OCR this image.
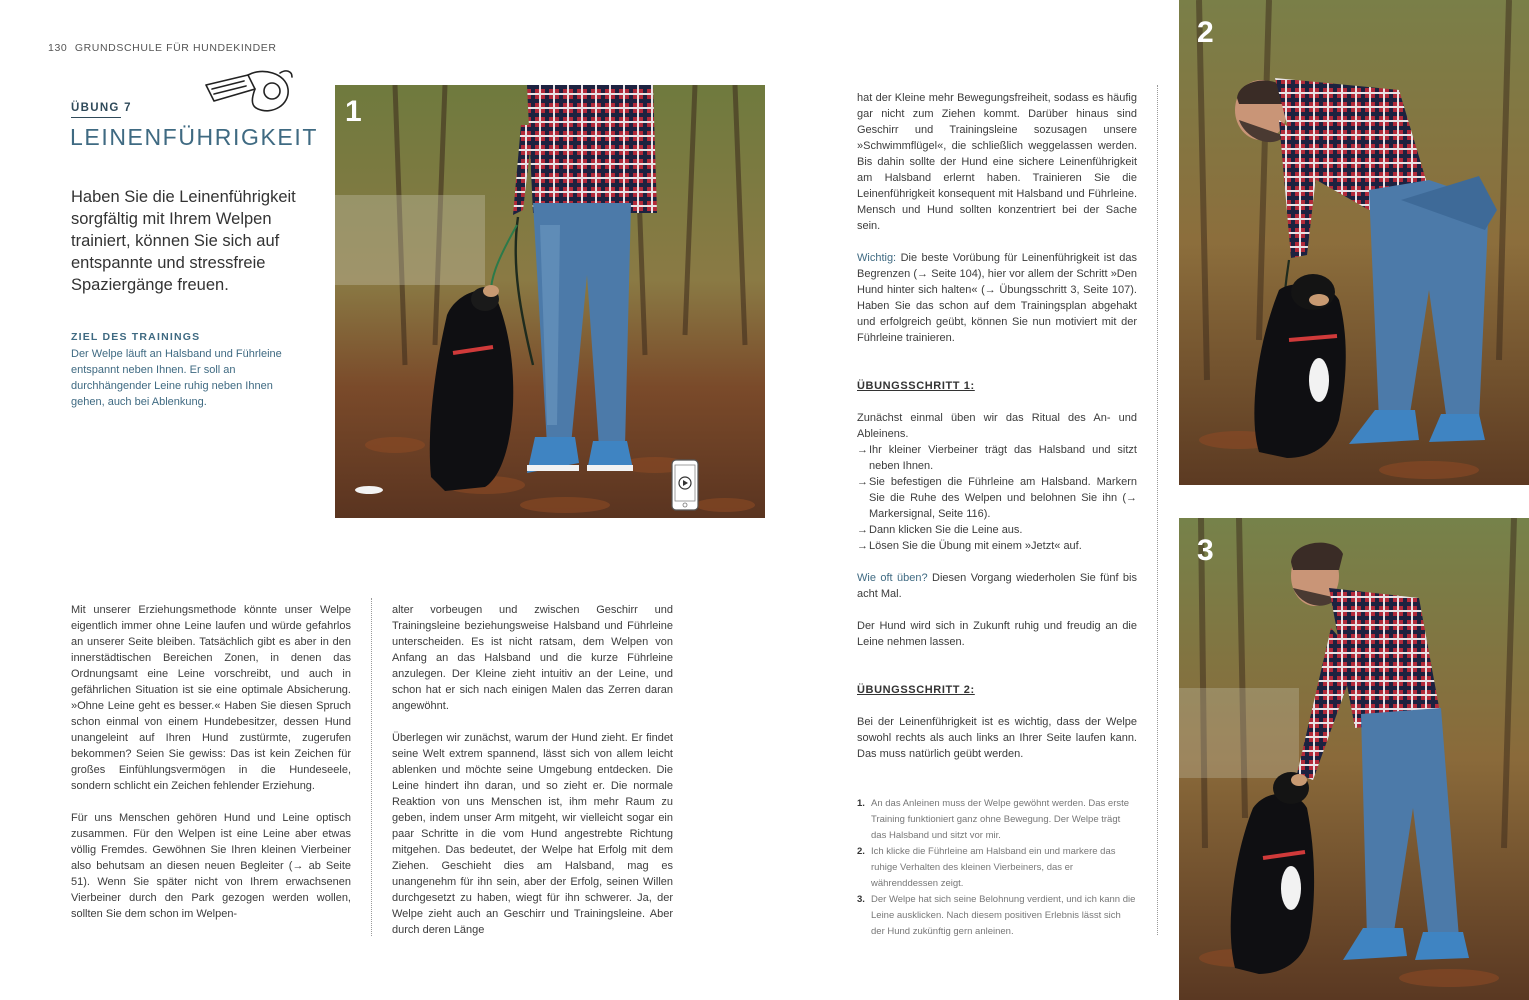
130 GRUNDSCHULE FÜR HUNDEKINDER
ÜBUNG 7
LEINENFÜHRIGKEIT
Haben Sie die Leinenführigkeit sorgfältig mit Ihrem Welpen trainiert, können Sie sich auf entspannte und stressfreie Spaziergänge freuen.
ZIEL DES TRAININGS
Der Welpe läuft an Halsband und Führleine entspannt neben Ihnen. Er soll an durchhängender Leine ruhig neben Ihnen gehen, auch bei Ablenkung.
1
2
3

Mit unserer Erziehungsmethode könnte unser Welpe eigentlich immer ohne Leine laufen und würde gefahrlos an unserer Seite bleiben. Tatsächlich gibt es aber in den innerstädtischen Bereichen Zonen, in denen das Ordnungsamt eine Leine vorschreibt, und auch in gefährlichen Situation ist sie eine optimale Absicherung. »Ohne Leine geht es besser.« Haben Sie diesen Spruch schon einmal von einem Hundebesitzer, dessen Hund unangeleint auf Ihren Hund zustürmte, zugerufen bekommen? Seien Sie gewiss: Das ist kein Zeichen für großes Einfühlungsvermögen in die Hundeseele, sondern schlicht ein Zeichen fehlender Erziehung.

Für uns Menschen gehören Hund und Leine optisch zusammen. Für den Welpen ist eine Leine aber etwas völlig Fremdes. Gewöhnen Sie Ihren kleinen Vierbeiner also behutsam an diesen neuen Begleiter (→ ab Seite 51). Wenn Sie später nicht von Ihrem erwachsenen Vierbeiner durch den Park gezogen werden wollen, sollten Sie dem schon im Welpen-

alter vorbeugen und zwischen Geschirr und Trainingsleine beziehungsweise Halsband und Führleine unterscheiden. Es ist nicht ratsam, dem Welpen von Anfang an das Halsband und die kurze Führleine anzulegen. Der Kleine zieht intuitiv an der Leine, und schon hat er sich nach einigen Malen das Zerren daran angewöhnt.

Überlegen wir zunächst, warum der Hund zieht. Er findet seine Welt extrem spannend, lässt sich von allem leicht ablenken und möchte seine Umgebung entdecken. Die Leine hindert ihn daran, und so zieht er. Die normale Reaktion von uns Menschen ist, ihm mehr Raum zu geben, indem unser Arm mitgeht, wir vielleicht sogar ein paar Schritte in die vom Hund angestrebte Richtung mitgehen. Das bedeutet, der Welpe hat Erfolg mit dem Ziehen. Geschieht dies am Halsband, mag es unangenehm für ihn sein, aber der Erfolg, seinen Willen durchgesetzt zu haben, wiegt für ihn schwerer. Ja, der Welpe zieht auch an Geschirr und Trainingsleine. Aber durch deren Länge

hat der Kleine mehr Bewegungsfreiheit, sodass es häufig gar nicht zum Ziehen kommt. Darüber hinaus sind Geschirr und Trainingsleine sozusagen unsere »Schwimmflügel«, die schließlich weggelassen werden. Bis dahin sollte der Hund eine sichere Leinenführigkeit am Halsband erlernt haben. Trainieren Sie die Leinenführigkeit konsequent mit Halsband und Führleine. Mensch und Hund sollten konzentriert bei der Sache sein.

Wichtig: Die beste Vorübung für Leinenführigkeit ist das Begrenzen (→ Seite 104), hier vor allem der Schritt »Den Hund hinter sich halten« (→ Übungsschritt 3, Seite 107). Haben Sie das schon auf dem Trainingsplan abgehakt und erfolgreich geübt, können Sie nun motiviert mit der Führleine trainieren.

ÜBUNGSSCHRITT 1:
Zunächst einmal üben wir das Ritual des An- und Ableinens.
→ Ihr kleiner Vierbeiner trägt das Halsband und sitzt neben Ihnen.
→ Sie befestigen die Führleine am Halsband. Markern Sie die Ruhe des Welpen und belohnen Sie ihn (→ Markersignal, Seite 116).
→ Dann klicken Sie die Leine aus.
→ Lösen Sie die Übung mit einem »Jetzt« auf.

Wie oft üben? Diesen Vorgang wiederholen Sie fünf bis acht Mal.

Der Hund wird sich in Zukunft ruhig und freudig an die Leine nehmen lassen.

ÜBUNGSSCHRITT 2:

Bei der Leinenführigkeit ist es wichtig, dass der Welpe sowohl rechts als auch links an Ihrer Seite laufen kann. Das muss natürlich geübt werden.

1. An das Anleinen muss der Welpe gewöhnt werden. Das erste Training funktioniert ganz ohne Bewegung. Der Welpe trägt das Halsband und sitzt vor mir.
2. Ich klicke die Führleine am Halsband ein und markere das ruhige Verhalten des kleinen Vierbeiners, das er währenddessen zeigt.
3. Der Welpe hat sich seine Belohnung verdient, und ich kann die Leine ausklicken. Nach diesem positiven Erlebnis lässt sich der Hund zukünftig gern anleinen.
